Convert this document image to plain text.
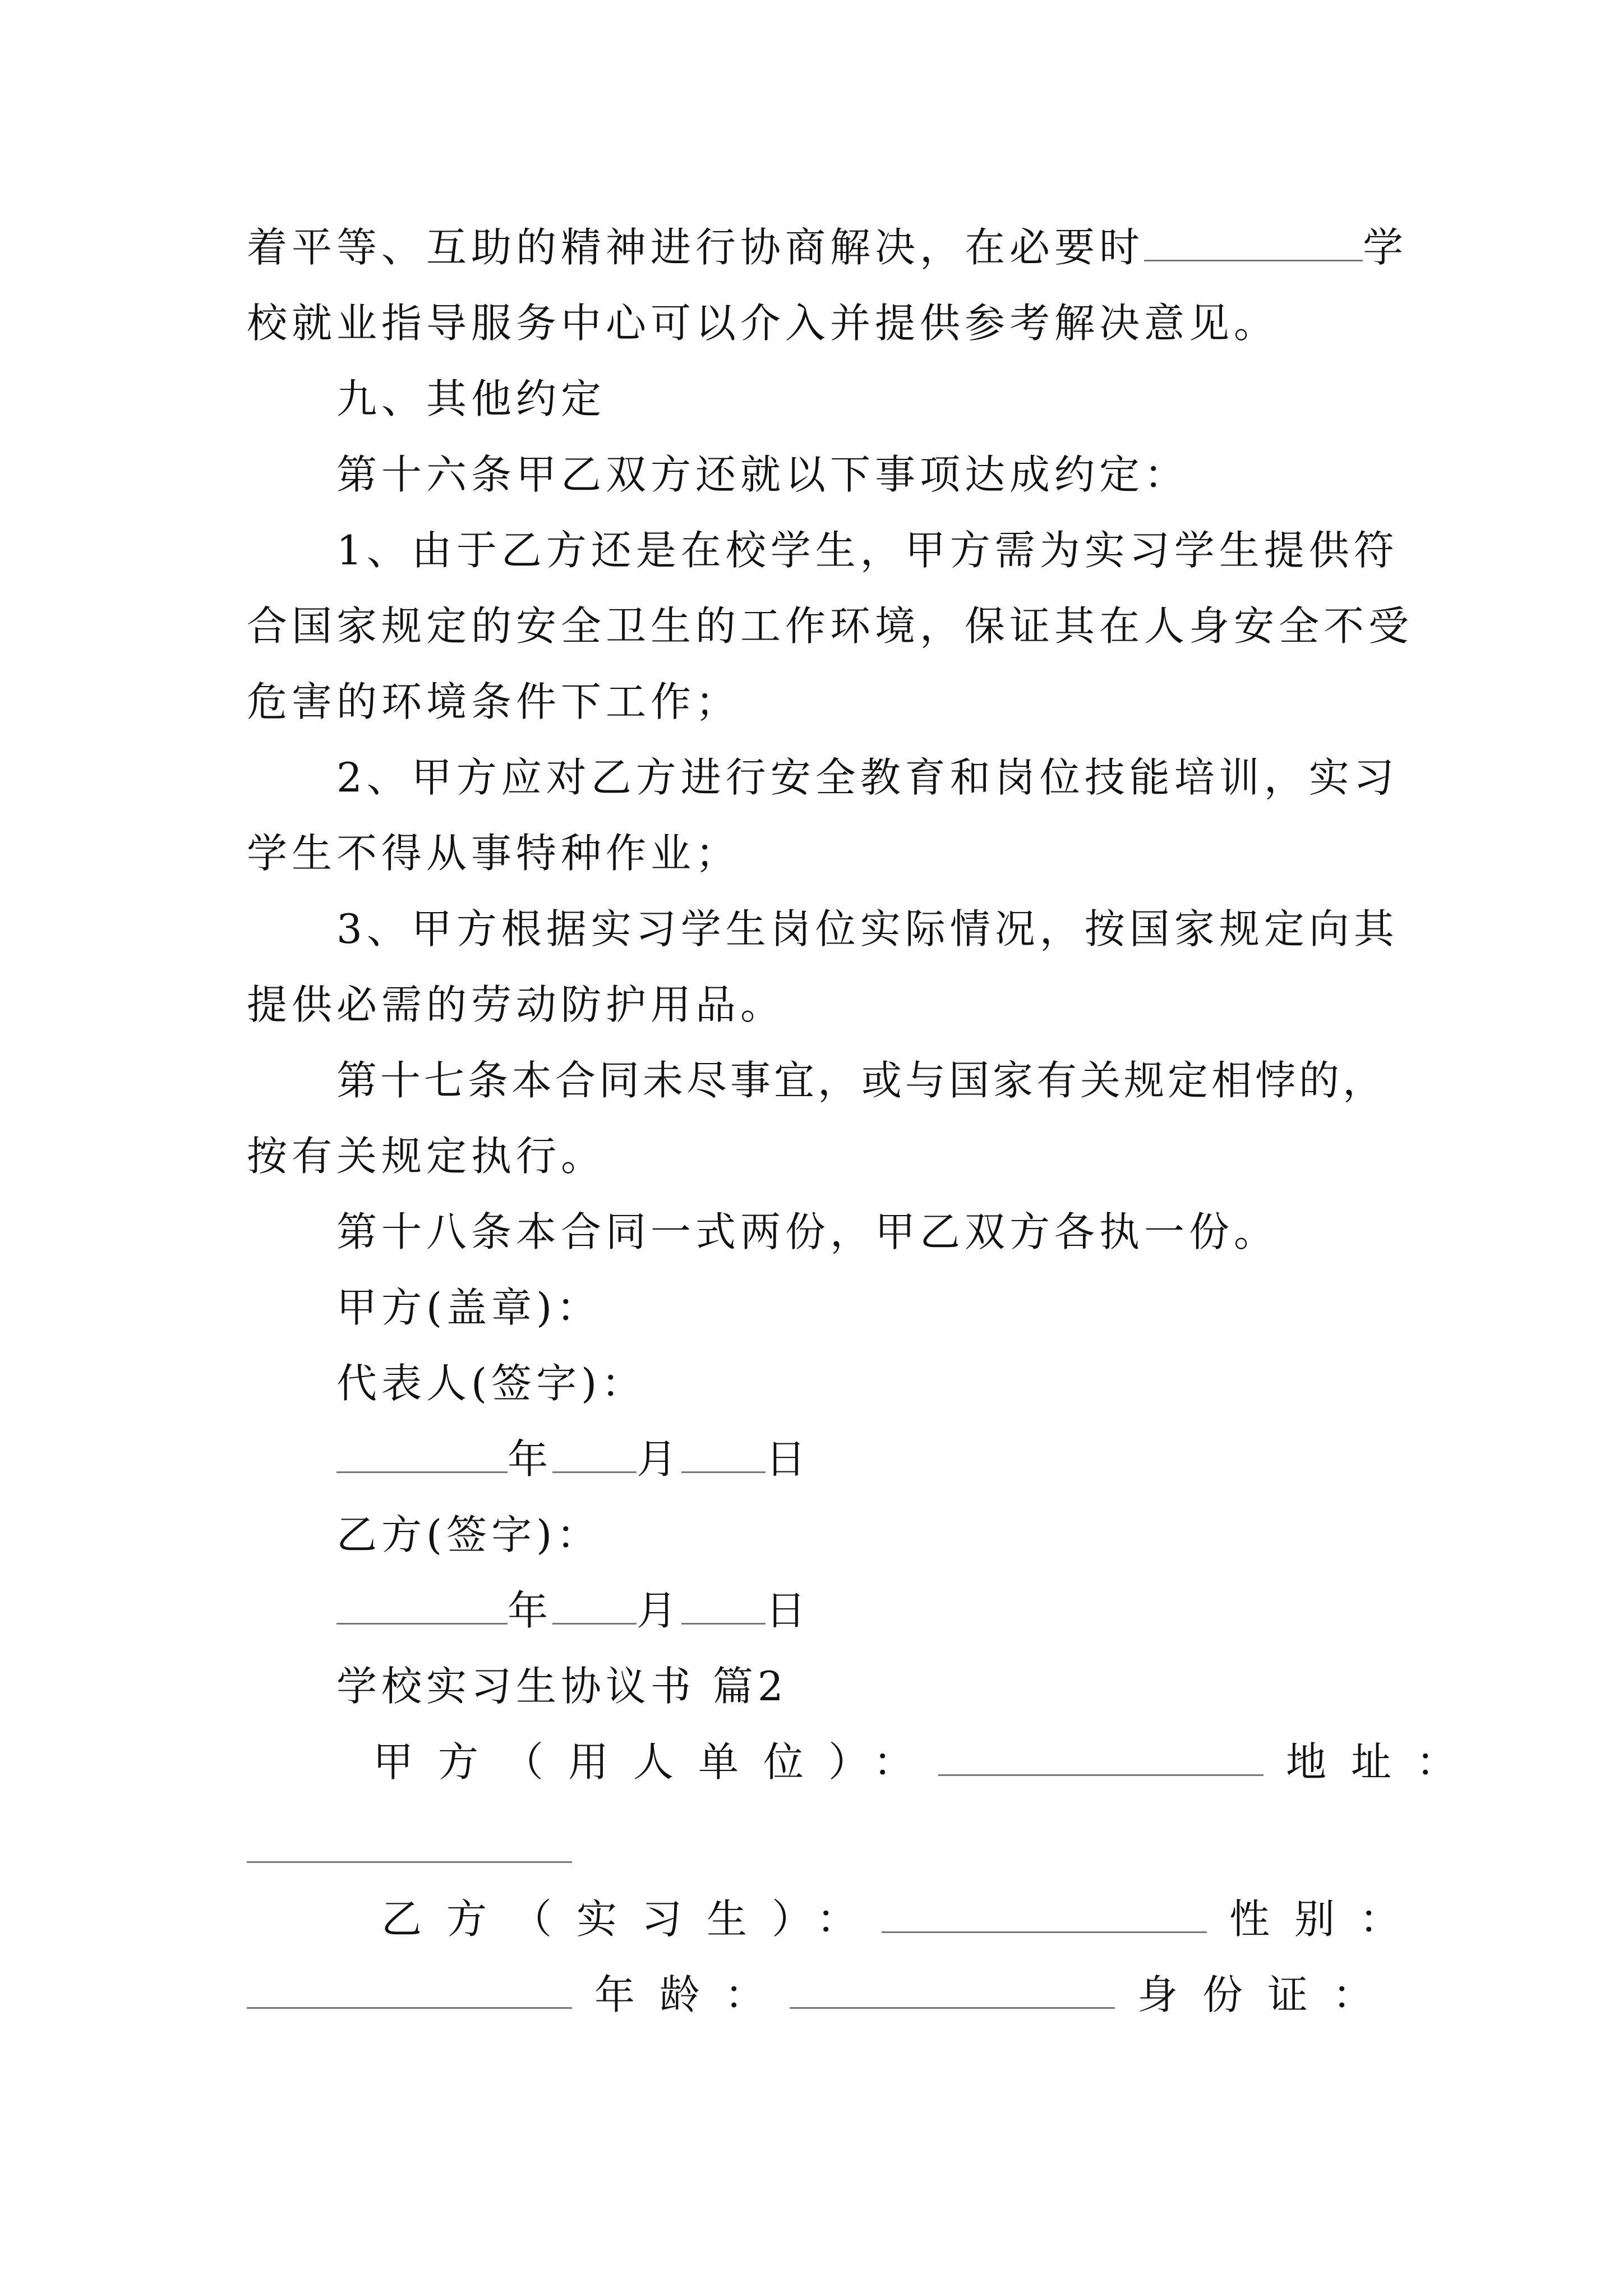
着平等、互助的精神进行协商解决，在必要时	学
校就业指导服务中心可以介入并提供参考解决意见。
九、其他约定
第十六条甲乙双方还就以下事项达成约定：
1、由于乙方还是在校学生，甲方需为实习学生提供符
合国家规定的安全卫生的工作环境，保证其在人身安全不受
危害的环境条件下工作；
2、甲方应对乙方进行安全教育和岗位技能培训，实习
学生不得从事特种作业；
3、甲方根据实习学生岗位实际情况，按国家规定向其
提供必需的劳动防护用品。
第十七条本合同未尽事宜，或与国家有关规定相悖的，
按有关规定执行。
第十八条本合同一式两份，甲乙双方各执一份。
甲方(盖章)：
代表人(签字)：
年 月 日
乙方(签字)：
年 月 日
学校实习生协议书 篇2
甲方（用人单位）：	地址：
乙方（实习生）：	性别：
年龄：	身份证：
